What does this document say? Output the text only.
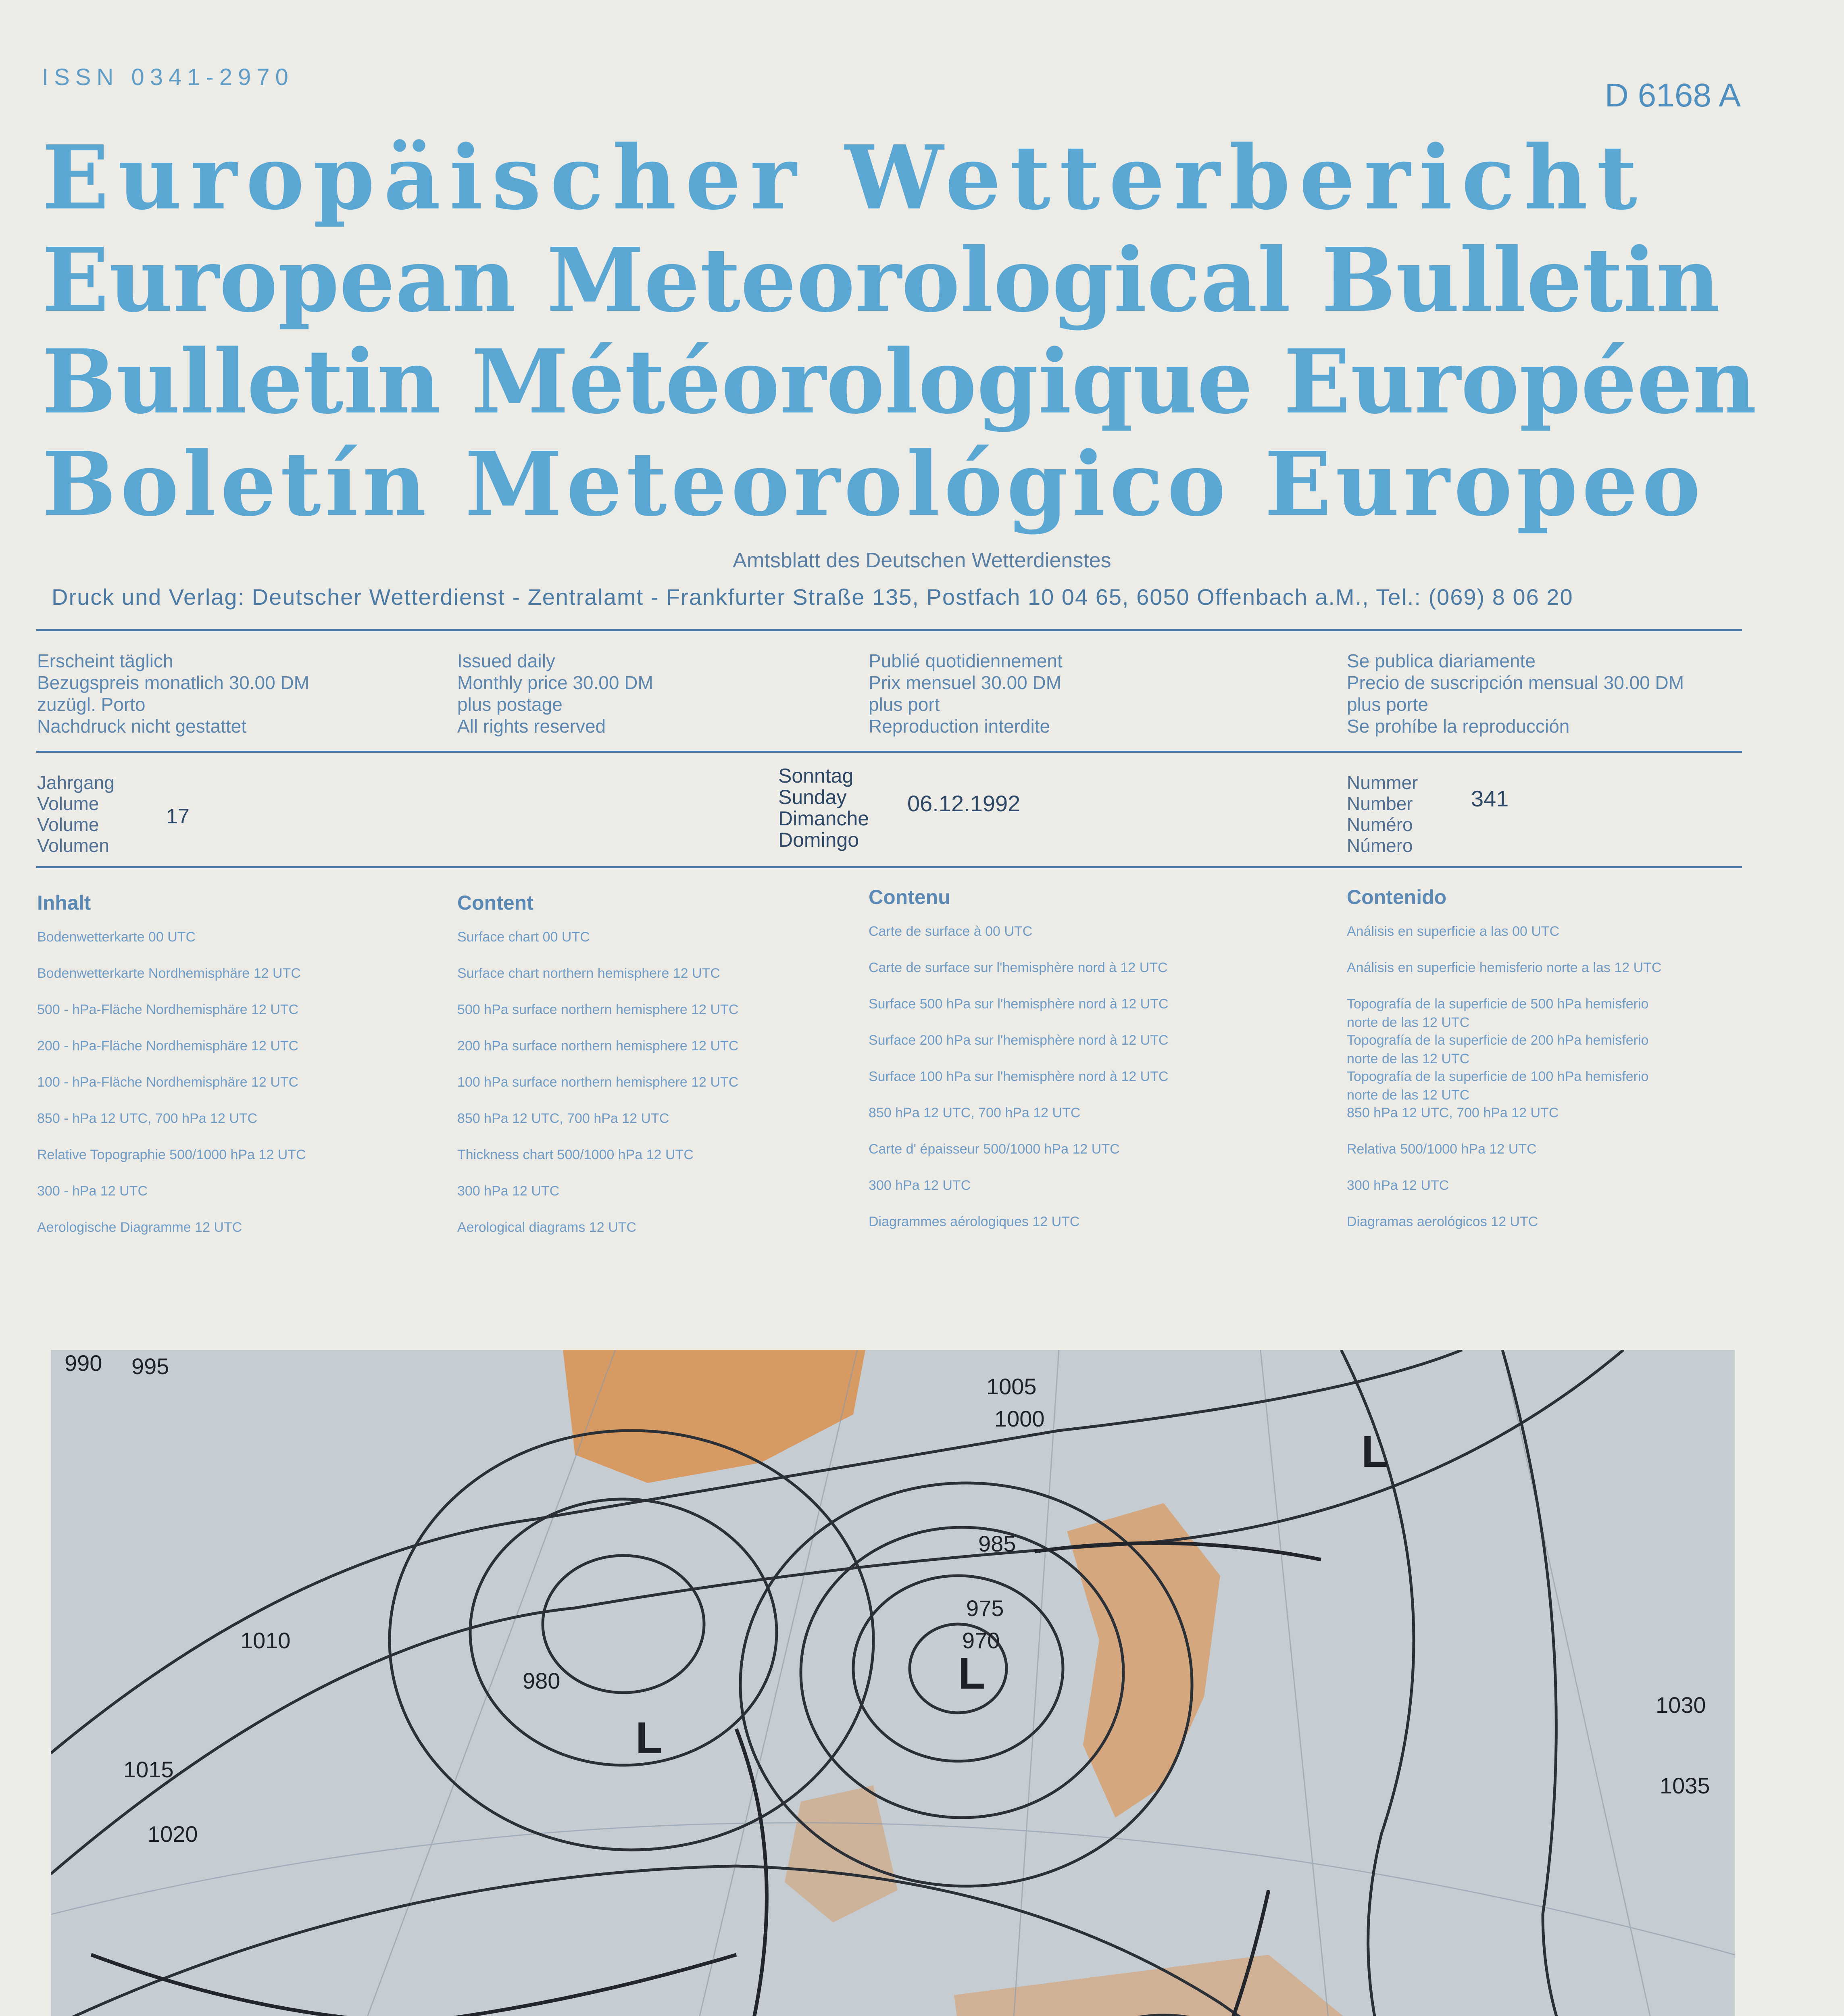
ISSN 0341-2970	D 6168 A
Europäischer Wetterbericht
European Meteorological Bulletin
Bulletin Météorologique Européen
Boletín Meteorológico Europeo
Amtsblatt des Deutschen Wetterdienstes
Druck und Verlag: Deutscher Wetterdienst - Zentralamt - Frankfurter Straße 135, Postfach 10 04 65, 6050 Offenbach a.M., Tel.: (069) 8 06 20
Erscheint täglich
Bezugspreis monatlich 30.00 DM
zuzügl. Porto
Nachdruck nicht gestattet
Issued daily
Monthly price 30.00 DM
plus postage
All rights reserved
Publié quotidiennement
Prix mensuel 30.00 DM
plus port
Reproduction interdite
Se publica diariamente
Precio de suscripción mensual 30.00 DM
plus porte
Se prohíbe la reproducción
Jahrgang
Volume
Volume
Volumen
17
Sonntag
Sunday
Dimanche
Domingo
06.12.1992
Nummer
Number
Numéro
Número
341
Inhalt
Bodenwetterkarte 00 UTC
Bodenwetterkarte Nordhemisphäre 12 UTC
500 - hPa-Fläche Nordhemisphäre 12 UTC
200 - hPa-Fläche Nordhemisphäre 12 UTC
100 - hPa-Fläche Nordhemisphäre 12 UTC
850 - hPa 12 UTC, 700 hPa 12 UTC
Relative Topographie 500/1000 hPa 12 UTC
300 - hPa 12 UTC
Aerologische Diagramme 12 UTC
Content
Surface chart 00 UTC
Surface chart northern hemisphere 12 UTC
500 hPa surface northern hemisphere 12 UTC
200 hPa surface northern hemisphere 12 UTC
100 hPa surface northern hemisphere 12 UTC
850 hPa 12 UTC, 700 hPa 12 UTC
Thickness chart 500/1000 hPa 12 UTC
300 hPa 12 UTC
Aerological diagrams 12 UTC
Contenu
Carte de surface à 00 UTC
Carte de surface sur l'hemisphère nord à 12 UTC
Surface 500 hPa sur l'hemisphère nord à 12 UTC
Surface 200 hPa sur l'hemisphère nord à 12 UTC
Surface 100 hPa sur l'hemisphère nord à 12 UTC
850 hPa 12 UTC, 700 hPa 12 UTC
Carte d' épaisseur 500/1000 hPa 12 UTC
300 hPa 12 UTC
Diagrammes aérologiques 12 UTC
Contenido
Análisis en superficie a las 00 UTC
Análisis en superficie hemisferio norte a las 12 UTC
Topografía de la superficie de 500 hPa hemisferio
norte de las 12 UTC
Topografía de la superficie de 200 hPa hemisferio
norte de las 12 UTC
Topografía de la superficie de 100 hPa hemisferio
norte de las 12 UTC
850 hPa 12 UTC, 700 hPa 12 UTC
Relativa 500/1000 hPa 12 UTC
300 hPa 12 UTC
Diagramas aerológicos 12 UTC
990 995
1000
1005
1010
1015
1020
1030
1035
985
980
975
970
L
L
L
